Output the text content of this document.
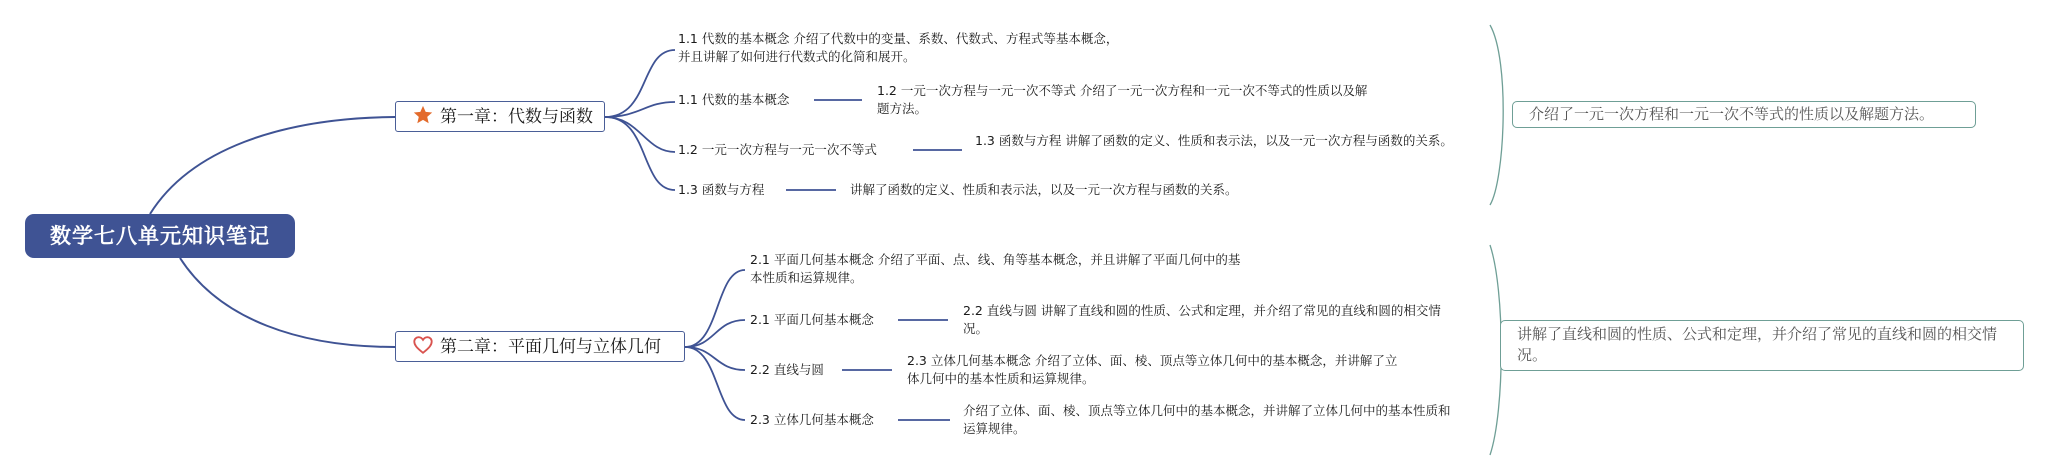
数学七八单元知识笔记
第一章：代数与函数
1.1 代数的基本概念 介绍了代数中的变量、系数、代数式、方程式等基本概念，
并且讲解了如何进行代数式的化简和展开。
1.1 代数的基本概念
1.2 一元一次方程与一元一次不等式 介绍了一元一次方程和一元一次不等式的性质以及解题方法。
1.2 一元一次方程与一元一次不等式
1.3 函数与方程 讲解了函数的定义、性质和表示法，以及一元一次方程与函数的关系。
1.3 函数与方程	讲解了函数的定义、性质和表示法，以及一元一次方程与函数的关系。
第二章：平面几何与立体几何
2.1 平面几何基本概念 介绍了平面、点、线、角等基本概念，并且讲解了平面几何中的基本性质和运算规律。
2.1 平面几何基本概念
2.2 直线与圆 讲解了直线和圆的性质、公式和定理，并介绍了常见的直线和圆的相交情况。
2.2 直线与圆
2.3 立体几何基本概念 介绍了立体、面、棱、顶点等立体几何中的基本概念，并讲解了立体几何中的基本性质和运算规律。
2.3 立体几何基本概念
介绍了立体、面、棱、顶点等立体几何中的基本概念，并讲解了立体几何中的基本性质和运算规律。
介绍了一元一次方程和一元一次不等式的性质以及解题方法。
讲解了直线和圆的性质、公式和定理，并介绍了常见的直线和圆的相交情况。
